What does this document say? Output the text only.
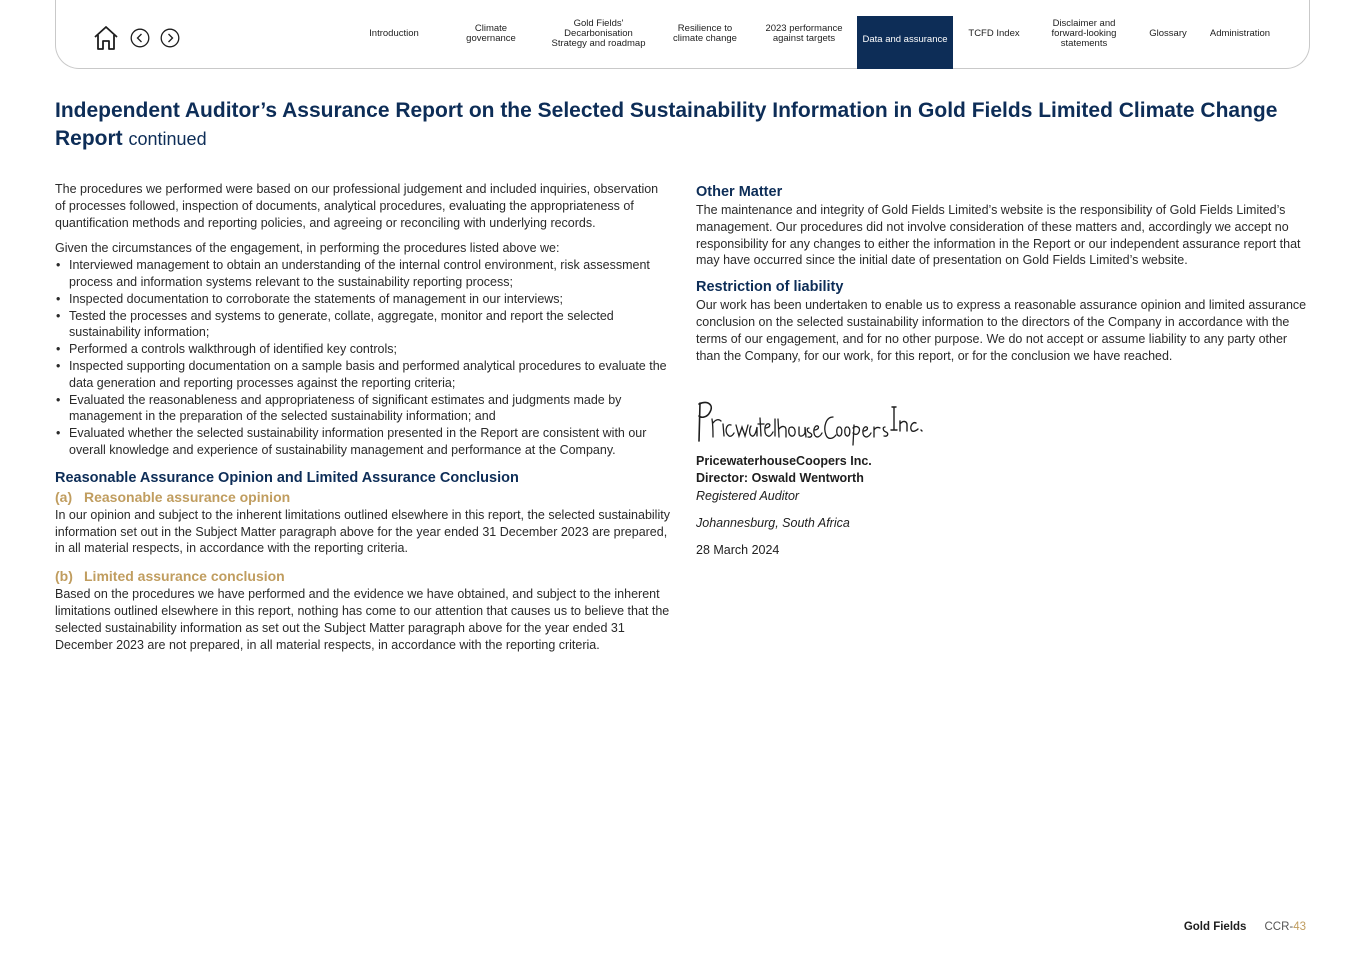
Introduction	Climate governance
Gold Fields' Decarbonisation Strategy and roadmap
Resilience to climate change
2023 performance against targets	Data and assurance
TCFD Index
Disclaimer and forward-looking statements
Glossary Administration
Independent Auditor’s Assurance Report on the Selected Sustainability Information in Gold Fields Limited Climate Change Report continued

The procedures we performed were based on our professional judgement and included inquiries, observation of processes followed, inspection of documents, analytical procedures, evaluating the appropriateness of quantification methods and reporting policies, and agreeing or reconciling with underlying records.

Given the circumstances of the engagement, in performing the procedures listed above we:

• Interviewed management to obtain an understanding of the internal control environment, risk assessment process and information systems relevant to the sustainability reporting process;
• Inspected documentation to corroborate the statements of management in our interviews;
• Tested the processes and systems to generate, collate, aggregate, monitor and report the selected sustainability information;
• Performed a controls walkthrough of identified key controls;
• Inspected supporting documentation on a sample basis and performed analytical procedures to evaluate the data generation and reporting processes against the reporting criteria;
• Evaluated the reasonableness and appropriateness of significant estimates and judgments made by management in the preparation of the selected sustainability information; and
• Evaluated whether the selected sustainability information presented in the Report are consistent with our overall knowledge and experience of sustainability management and performance at the Company.
Reasonable Assurance Opinion and Limited Assurance Conclusion
(a) Reasonable assurance opinion

In our opinion and subject to the inherent limitations outlined elsewhere in this report, the selected sustainability information set out in the Subject Matter paragraph above for the year ended 31 December 2023 are prepared, in all material respects, in accordance with the reporting criteria.

(b) Limited assurance conclusion

Based on the procedures we have performed and the evidence we have obtained, and subject to the inherent limitations outlined elsewhere in this report, nothing has come to our attention that causes us to believe that the selected sustainability information as set out the Subject Matter paragraph above for the year ended 31 December 2023 are not prepared, in all material respects, in accordance with the reporting criteria.

Other Matter

The maintenance and integrity of Gold Fields Limited’s website is the responsibility of Gold Fields Limited’s management. Our procedures did not involve consideration of these matters and, accordingly we accept no responsibility for any changes to either the information in the Report or our independent assurance report that may have occurred since the initial date of presentation on Gold Fields Limited’s website.

Restriction of liability

Our work has been undertaken to enable us to express a reasonable assurance opinion and limited assurance conclusion on the selected sustainability information to the directors of the Company in accordance with the terms of our engagement, and for no other purpose. We do not accept or assume liability to any party other than the Company, for our work, for this report, or for the conclusion we have reached.

PricewaterhouseCoopers Inc.
PricewaterhouseCoopers Inc.
Director: Oswald Wentworth

Registered Auditor

Johannesburg, South Africa

28 March 2024

Gold Fields CCR-43
